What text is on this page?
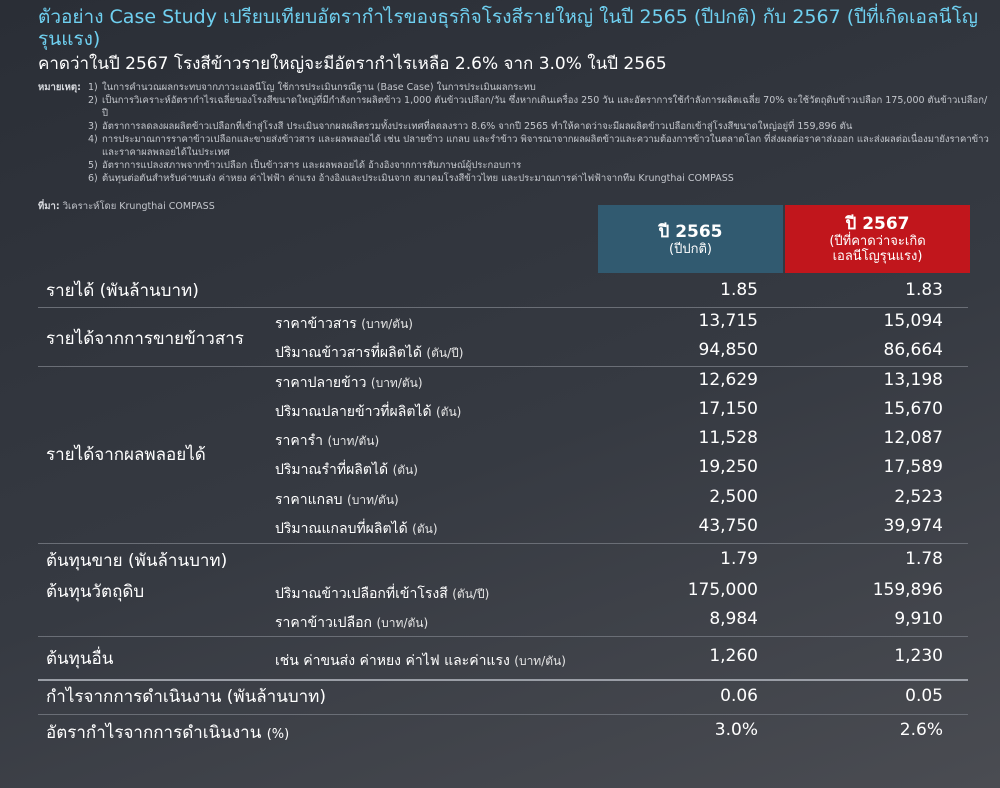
ตัวอย่าง Case Study เปรียบเทียบอัตรากำไรของธุรกิจโรงสีรายใหญ่ ในปี 2565 (ปีปกติ) กับ 2567 (ปีที่เกิดเอลนีโญรุนแรง)
คาดว่าในปี 2567 โรงสีข้าวรายใหญ่จะมีอัตรากำไรเหลือ 2.6% จาก 3.0% ในปี 2565
หมายเหตุ: 1) ในการคำนวณผลกระทบจากภาวะเอลนีโญ ใช้การประเมินกรณีฐาน (Base Case) ในการประเมินผลกระทบ
2) เป็นการวิเคราะห์อัตรากำไรเฉลี่ยของโรงสีขนาดใหญ่ที่มีกำลังการผลิตข้าว 1,000 ตันข้าวเปลือก/วัน ซึ่งหากเดินเครื่อง 250 วัน และอัตราการใช้กำลังการผลิตเฉลี่ย 70% จะใช้วัตถุดิบข้าวเปลือก 175,000 ตันข้าวเปลือก/ปี
3) อัตราการลดลงผลผลิตข้าวเปลือกที่เข้าสู่โรงสี ประเมินจากผลผลิตรวมทั้งประเทศที่ลดลงราว 8.6% จากปี 2565 ทำให้คาดว่าจะมีผลผลิตข้าวเปลือกเข้าสู่โรงสีขนาดใหญ่อยู่ที่ 159,896 ตัน
4) การประมาณการราคาข้าวเปลือกและขายส่งข้าวสาร และผลพลอยได้ เช่น ปลายข้าว แกลบ และรำข้าว พิจารณาจากผลผลิตข้าวและความต้องการข้าวในตลาดโลก ที่ส่งผลต่อราคาส่งออก และส่งผลต่อเนื่องมายังราคาข้าว และราคาผลพลอยได้ในประเทศ
5) อัตราการแปลงสภาพจากข้าวเปลือก เป็นข้าวสาร และผลพลอยได้ อ้างอิงจากการสัมภาษณ์ผู้ประกอบการ
6) ต้นทุนต่อตันสำหรับค่าขนส่ง ค่าหยง ค่าไฟฟ้า ค่าแรง อ้างอิงและประเมินจาก สมาคมโรงสีข้าวไทย และประมาณการค่าไฟฟ้าจากทีม Krungthai COMPASS
ที่มา: วิเคราะห์โดย Krungthai COMPASS
ปี 2565
(ปีปกติ)
ปี 2567
(ปีที่คาดว่าจะเกิด
เอลนีโญรุนแรง)
รายได้ (พันล้านบาท)	1.85	1.83
รายได้จากการขายข้าวสาร
ราคาข้าวสาร (บาท/ตัน)	13,715	15,094
ปริมาณข้าวสารที่ผลิตได้ (ตัน/ปี)	94,850	86,664
รายได้จากผลพลอยได้
ราคาปลายข้าว (บาท/ตัน)	12,629	13,198
ปริมาณปลายข้าวที่ผลิตได้ (ตัน)	17,150	15,670
ราคารำ (บาท/ตัน)	11,528	12,087
ปริมาณรำที่ผลิตได้ (ตัน)	19,250	17,589
ราคาแกลบ (บาท/ตัน)	2,500	2,523
ปริมาณแกลบที่ผลิตได้ (ตัน)	43,750	39,974
ต้นทุนขาย (พันล้านบาท)	1.79	1.78
ต้นทุนวัตถุดิบ	ปริมาณข้าวเปลือกที่เข้าโรงสี (ตัน/ปี)	175,000	159,896
ราคาข้าวเปลือก (บาท/ตัน)	8,984	9,910
ต้นทุนอื่น	เช่น ค่าขนส่ง ค่าหยง ค่าไฟ และค่าแรง (บาท/ตัน)	1,260	1,230
กำไรจากการดำเนินงาน (พันล้านบาท)	0.06	0.05
อัตรากำไรจากการดำเนินงาน (%)	3.0%	2.6%
